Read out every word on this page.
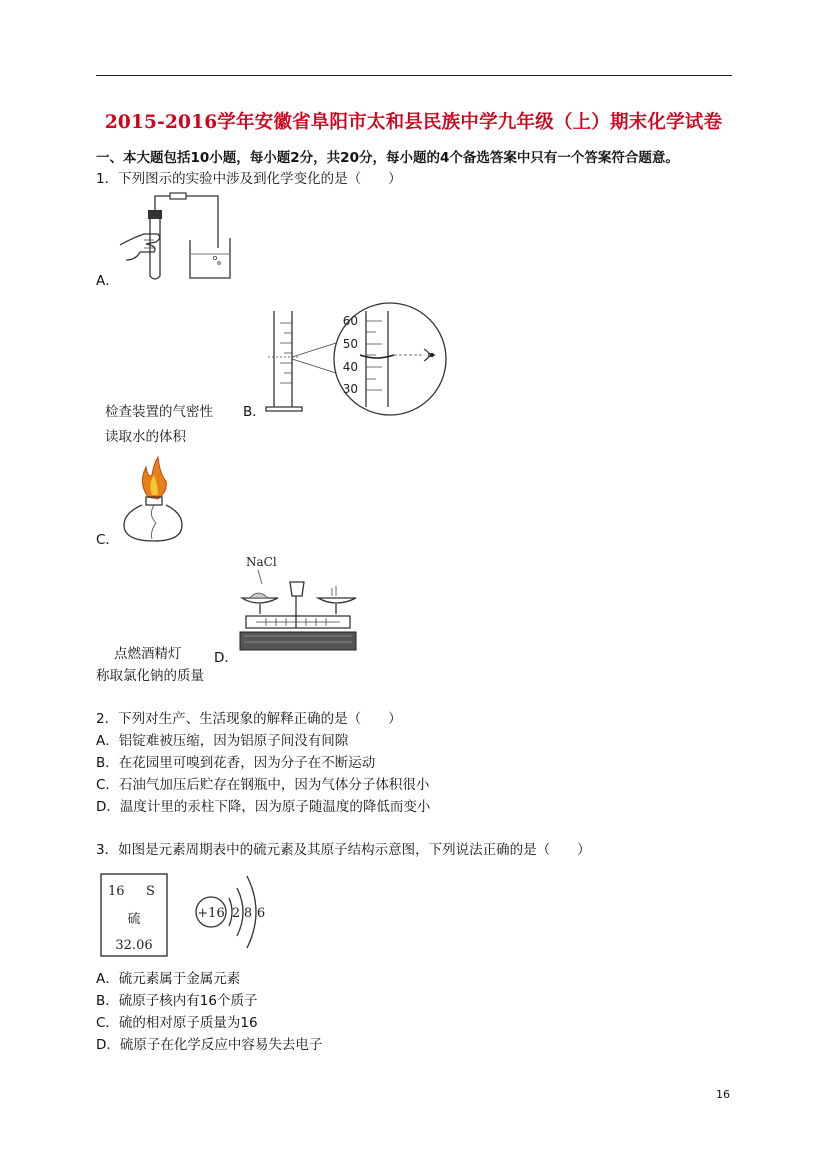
2015-2016学年安徽省阜阳市太和县民族中学九年级（上）期末化学试卷
一、本大题包括10小题，每小题2分，共20分，每小题的4个备选答案中只有一个答案符合题意。
1．下列图示的实验中涉及到化学变化的是（　　）
A．
60
50
40
30
检查装置的气密性 B．
读取水的体积
C．
NaCl
点燃酒精灯 D．
称取氯化钠的质量
2．下列对生产、生活现象的解释正确的是（　　）
A．铝锭难被压缩，因为铝原子间没有间隙
B．在花园里可嗅到花香，因为分子在不断运动
C．石油气加压后贮存在钢瓶中，因为气体分子体积很小
D．温度计里的汞柱下降，因为原子随温度的降低而变小
3．如图是元素周期表中的硫元素及其原子结构示意图，下列说法正确的是（　　）
16 S
硫
32.06
+16 2 8 6
A．硫元素属于金属元素
B．硫原子核内有16个质子
C．硫的相对原子质量为16
D．硫原子在化学反应中容易失去电子
16
